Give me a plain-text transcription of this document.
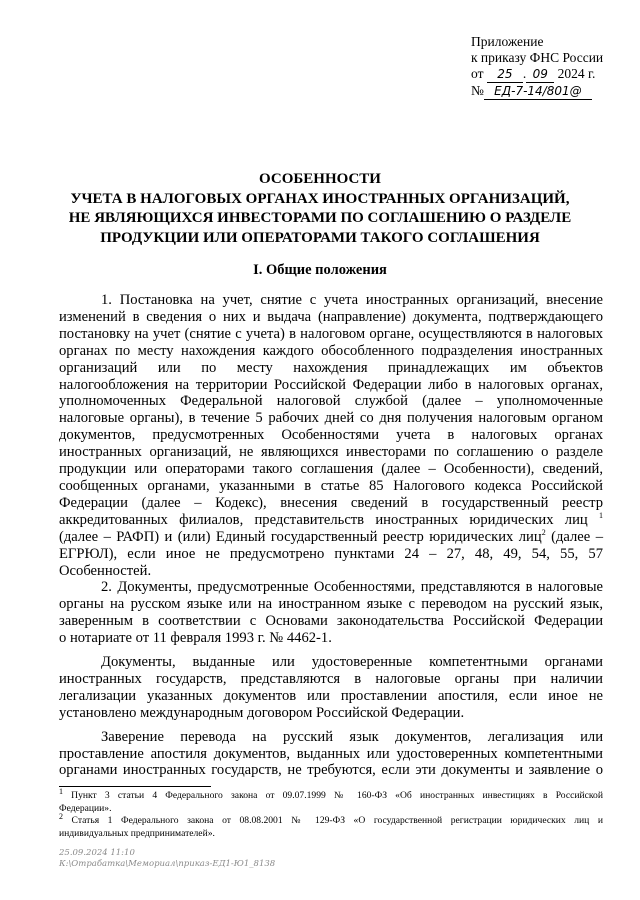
Приложение
к приказу ФНС России
от 25 . 09 2024 г.
№ ЕД-7-14/801@
ОСОБЕННОСТИ
УЧЕТА В НАЛОГОВЫХ ОРГАНАХ ИНОСТРАННЫХ ОРГАНИЗАЦИЙ,
НЕ ЯВЛЯЮЩИХСЯ ИНВЕСТОРАМИ ПО СОГЛАШЕНИЮ О РАЗДЕЛЕ
ПРОДУКЦИИ ИЛИ ОПЕРАТОРАМИ ТАКОГО СОГЛАШЕНИЯ
I. Общие положения

1. Постановка на учет, снятие с учета иностранных организаций, внесение

изменений в сведения о них и выдача (направление) документа, подтверждающего

постановку на учет (снятие с учета) в налоговом органе, осуществляются в налоговых

органах по месту нахождения каждого обособленного подразделения иностранных

организаций или по месту нахождения принадлежащих им объектов

налогообложения на территории Российской Федерации либо в налоговых органах,

уполномоченных Федеральной налоговой службой (далее – уполномоченные

налоговые органы), в течение 5 рабочих дней со дня получения налоговым органом

документов, предусмотренных Особенностями учета в налоговых органах

иностранных организаций, не являющихся инвесторами по соглашению о разделе

продукции или операторами такого соглашения (далее – Особенности), сведений,

сообщенных органами, указанными в статье 85 Налогового кодекса Российской

Федерации (далее – Кодекс), внесения сведений в государственный реестр

аккредитованных филиалов, представительств иностранных юридических лиц $^1$

(далее – РАФП) и (или) Единый государственный реестр юридических лиц$^2$ (далее –

ЕГРЮЛ), если иное не предусмотрено пунктами 24 – 27, 48, 49, 54, 55, 57

Особенностей.

2. Документы, предусмотренные Особенностями, представляются в налоговые

органы на русском языке или на иностранном языке с переводом на русский язык,

заверенным в соответствии с Основами законодательства Российской Федерации

о нотариате от 11 февраля 1993 г. № 4462-1.

Документы, выданные или удостоверенные компетентными органами

иностранных государств, представляются в налоговые органы при наличии

легализации указанных документов или проставлении апостиля, если иное не

установлено международным договором Российской Федерации.

Заверение перевода на русский язык документов, легализация или

проставление апостиля документов, выданных или удостоверенных компетентными

органами иностранных государств, не требуются, если эти документы и заявление о

$^1$ Пункт 3 статьи 4 Федерального закона от 09.07.1999 № 160-ФЗ «Об иностранных инвестициях в Российской

Федерации».

$^2$ Статья 1 Федерального закона от 08.08.2001 № 129-ФЗ «О государственной регистрации юридических лиц и

индивидуальных предпринимателей».

25.09.2024 11:10
К:\Отрабатка\Мемориал\приказ-ЕД1-Ю1_8138
